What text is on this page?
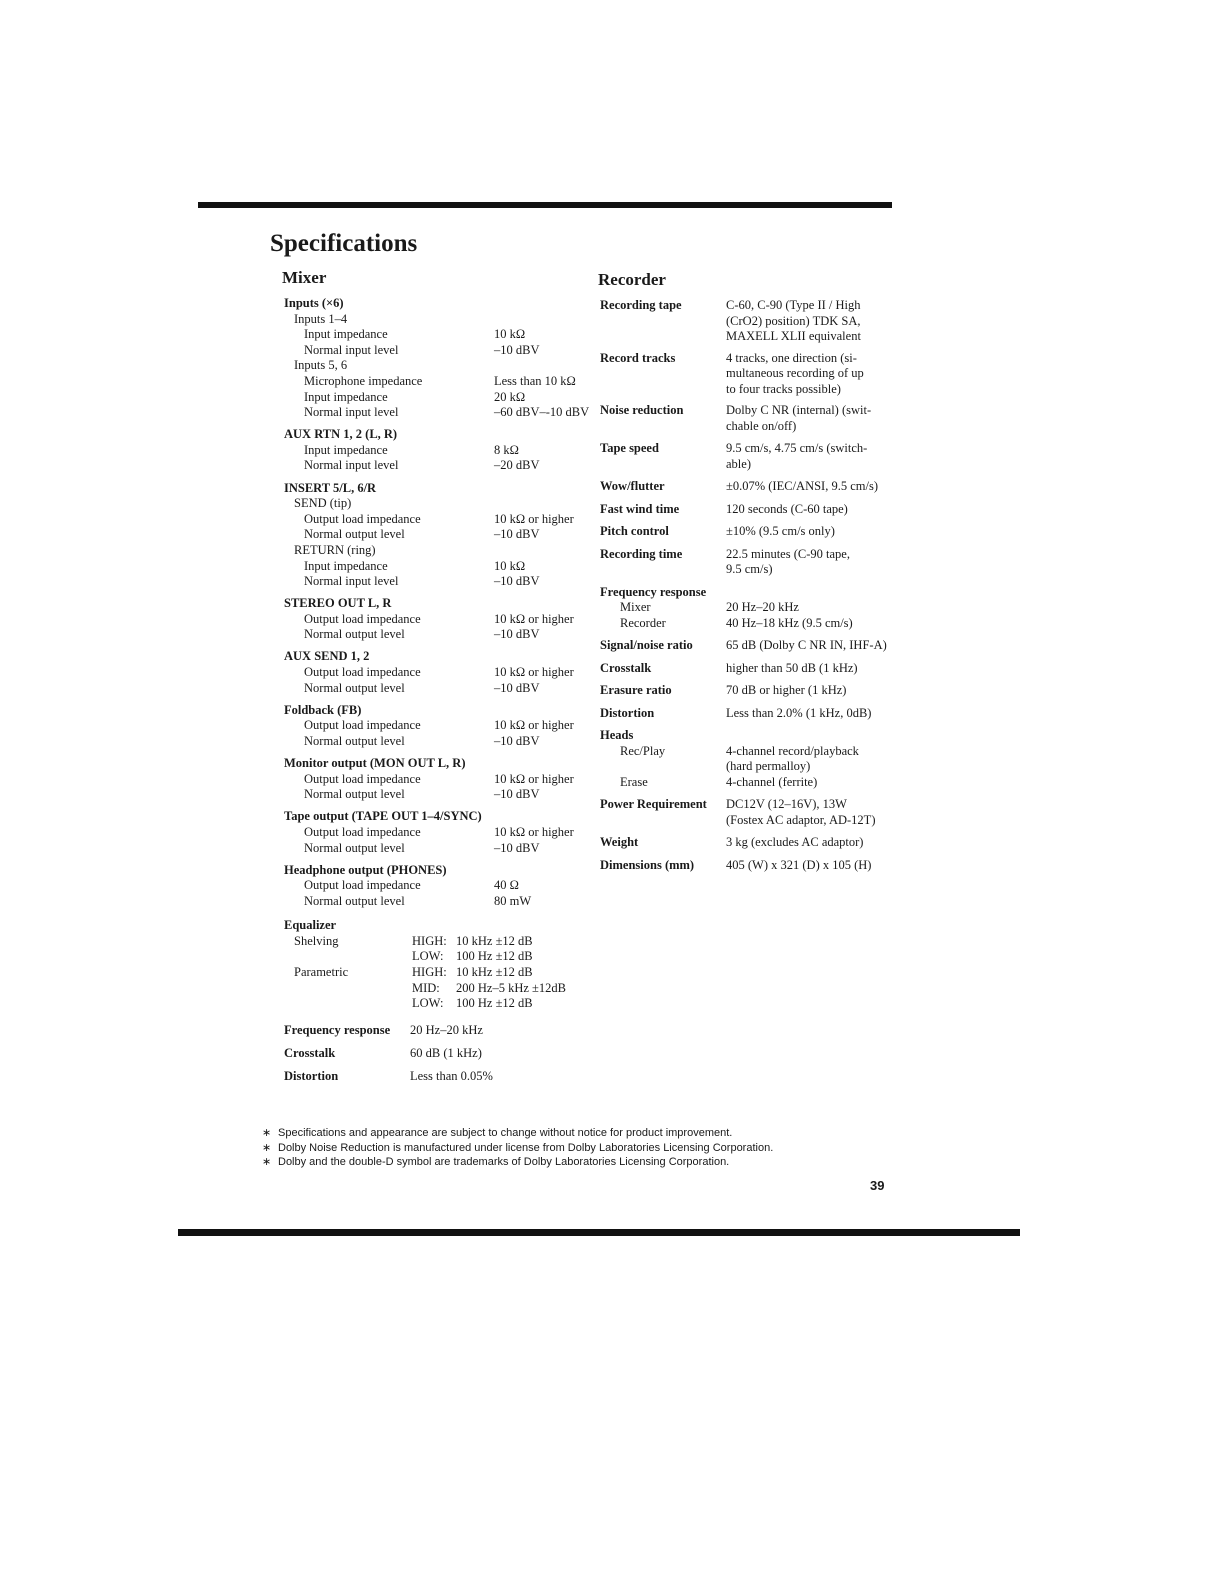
Specifications
Mixer	Recorder
Inputs (×6)
Inputs 1–4
Input impedance	10 kΩ
Normal input level	–10 dBV
Inputs 5, 6
Microphone impedance	Less than 10 kΩ
Input impedance	20 kΩ
Normal input level	–60 dBV–-10 dBV
AUX RTN 1, 2 (L, R)
Input impedance	8 kΩ
Normal input level	–20 dBV
INSERT 5/L, 6/R
SEND (tip)
Output load impedance	10 kΩ or higher
Normal output level	–10 dBV
RETURN (ring)
Input impedance	10 kΩ
Normal input level	–10 dBV
STEREO OUT L, R
Output load impedance	10 kΩ or higher
Normal output level	–10 dBV
AUX SEND 1, 2
Output load impedance	10 kΩ or higher
Normal output level	–10 dBV
Foldback (FB)
Output load impedance	10 kΩ or higher
Normal output level	–10 dBV
Monitor output (MON OUT L, R)
Output load impedance	10 kΩ or higher
Normal output level	–10 dBV
Tape output (TAPE OUT 1–4/SYNC)
Output load impedance	10 kΩ or higher
Normal output level	–10 dBV
Headphone output (PHONES)
Output load impedance	40 Ω
Normal output level	80 mW
Equalizer
Shelving	HIGH: 10 kHz ±12 dB
LOW:	100 Hz ±12 dB
Parametric	HIGH: 10 kHz ±12 dB
MID:	200 Hz–5 kHz ±12dB
LOW:	100 Hz ±12 dB
Frequency response	20 Hz–20 kHz
Crosstalk	60 dB (1 kHz)
Distortion	Less than 0.05%
Recording tape	C-60, C-90 (Type II / High
(CrO2) position) TDK SA,
MAXELL XLII equivalent
Record tracks	4 tracks, one direction (si-
multaneous recording of up
to four tracks possible)
Noise reduction	Dolby C NR (internal) (swit-
chable on/off)
Tape speed	9.5 cm/s, 4.75 cm/s (switch-
able)
Wow/flutter	±0.07% (IEC/ANSI, 9.5 cm/s)
Fast wind time	120 seconds (C-60 tape)
Pitch control	±10% (9.5 cm/s only)
Recording time	22.5 minutes (C-90 tape,
9.5 cm/s)
Frequency response

Mixer	20 Hz–20 kHz
Recorder	40 Hz–18 kHz (9.5 cm/s)
Signal/noise ratio	65 dB (Dolby C NR IN, IHF-A)
Crosstalk	higher than 50 dB (1 kHz)
Erasure ratio	70 dB or higher (1 kHz)
Distortion	Less than 2.0% (1 kHz, 0dB)
Heads

Rec/Play	4-channel record/playback
(hard permalloy)
Erase	4-channel (ferrite)
Power Requirement	DC12V (12–16V), 13W
(Fostex AC adaptor, AD-12T)
Weight	3 kg (excludes AC adaptor)
Dimensions (mm)	405 (W) x 321 (D) x 105 (H)
∗ Specifications and appearance are subject to change without notice for product improvement.
∗ Dolby Noise Reduction is manufactured under license from Dolby Laboratories Licensing Corporation.
∗ Dolby and the double-D symbol are trademarks of Dolby Laboratories Licensing Corporation.
39
